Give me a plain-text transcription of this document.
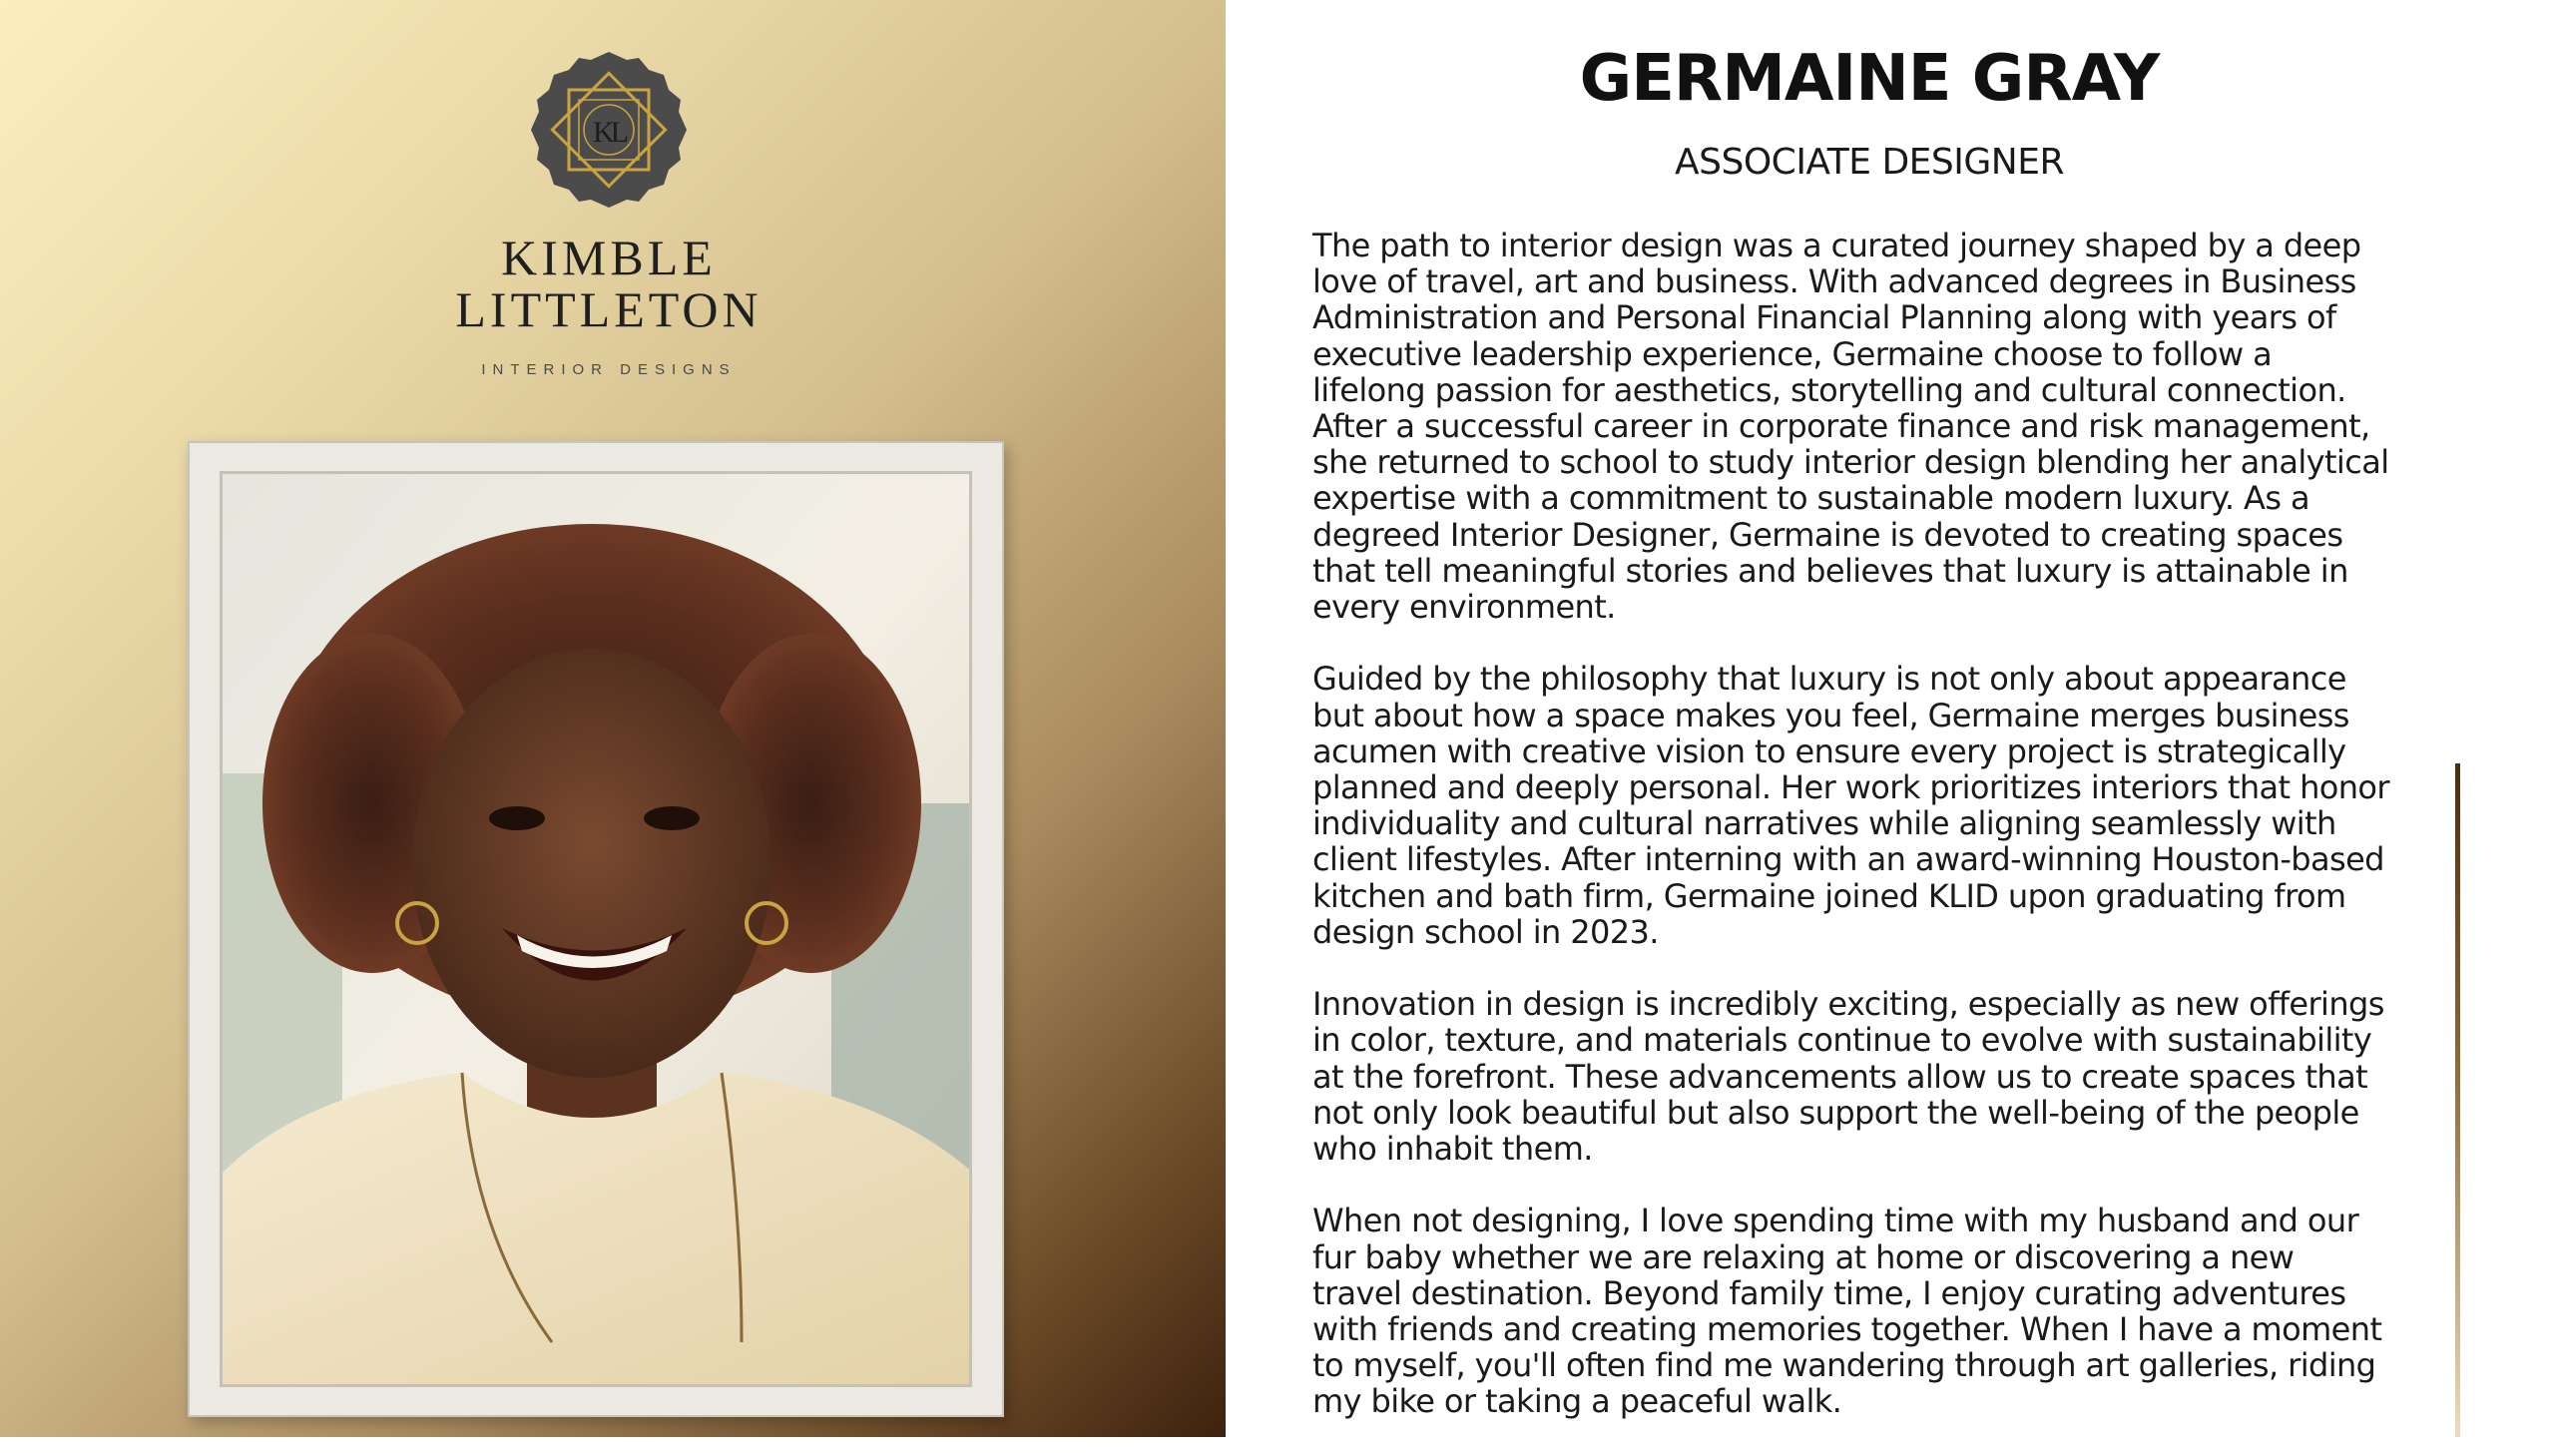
KL
KIMBLE
LITTLETON
INTERIOR DESIGNS
GERMAINE GRAY
ASSOCIATE DESIGNER

The path to interior design was a curated journey shaped by a deep love of travel, art and business. With advanced degrees in Business Administration and Personal Financial Planning along with years of executive leadership experience, Germaine choose to follow a lifelong passion for aesthetics, storytelling and cultural connection. After a successful career in corporate finance and risk management, she returned to school to study interior design blending her analytical expertise with a commitment to sustainable modern luxury. As a degreed Interior Designer, Germaine is devoted to creating spaces that tell meaningful stories and believes that luxury is attainable in every environment.

Guided by the philosophy that luxury is not only about appearance but about how a space makes you feel, Germaine merges business acumen with creative vision to ensure every project is strategically planned and deeply personal. Her work prioritizes interiors that honor individuality and cultural narratives while aligning seamlessly with client lifestyles. After interning with an award-winning Houston-based kitchen and bath firm, Germaine joined KLID upon graduating from design school in 2023.

Innovation in design is incredibly exciting, especially as new offerings in color, texture, and materials continue to evolve with sustainability at the forefront. These advancements allow us to create spaces that not only look beautiful but also support the well-being of the people who inhabit them.

When not designing, I love spending time with my husband and our fur baby whether we are relaxing at home or discovering a new travel destination. Beyond family time, I enjoy curating adventures with friends and creating memories together. When I have a moment to myself, you'll often find me wandering through art galleries, riding my bike or taking a peaceful walk.
